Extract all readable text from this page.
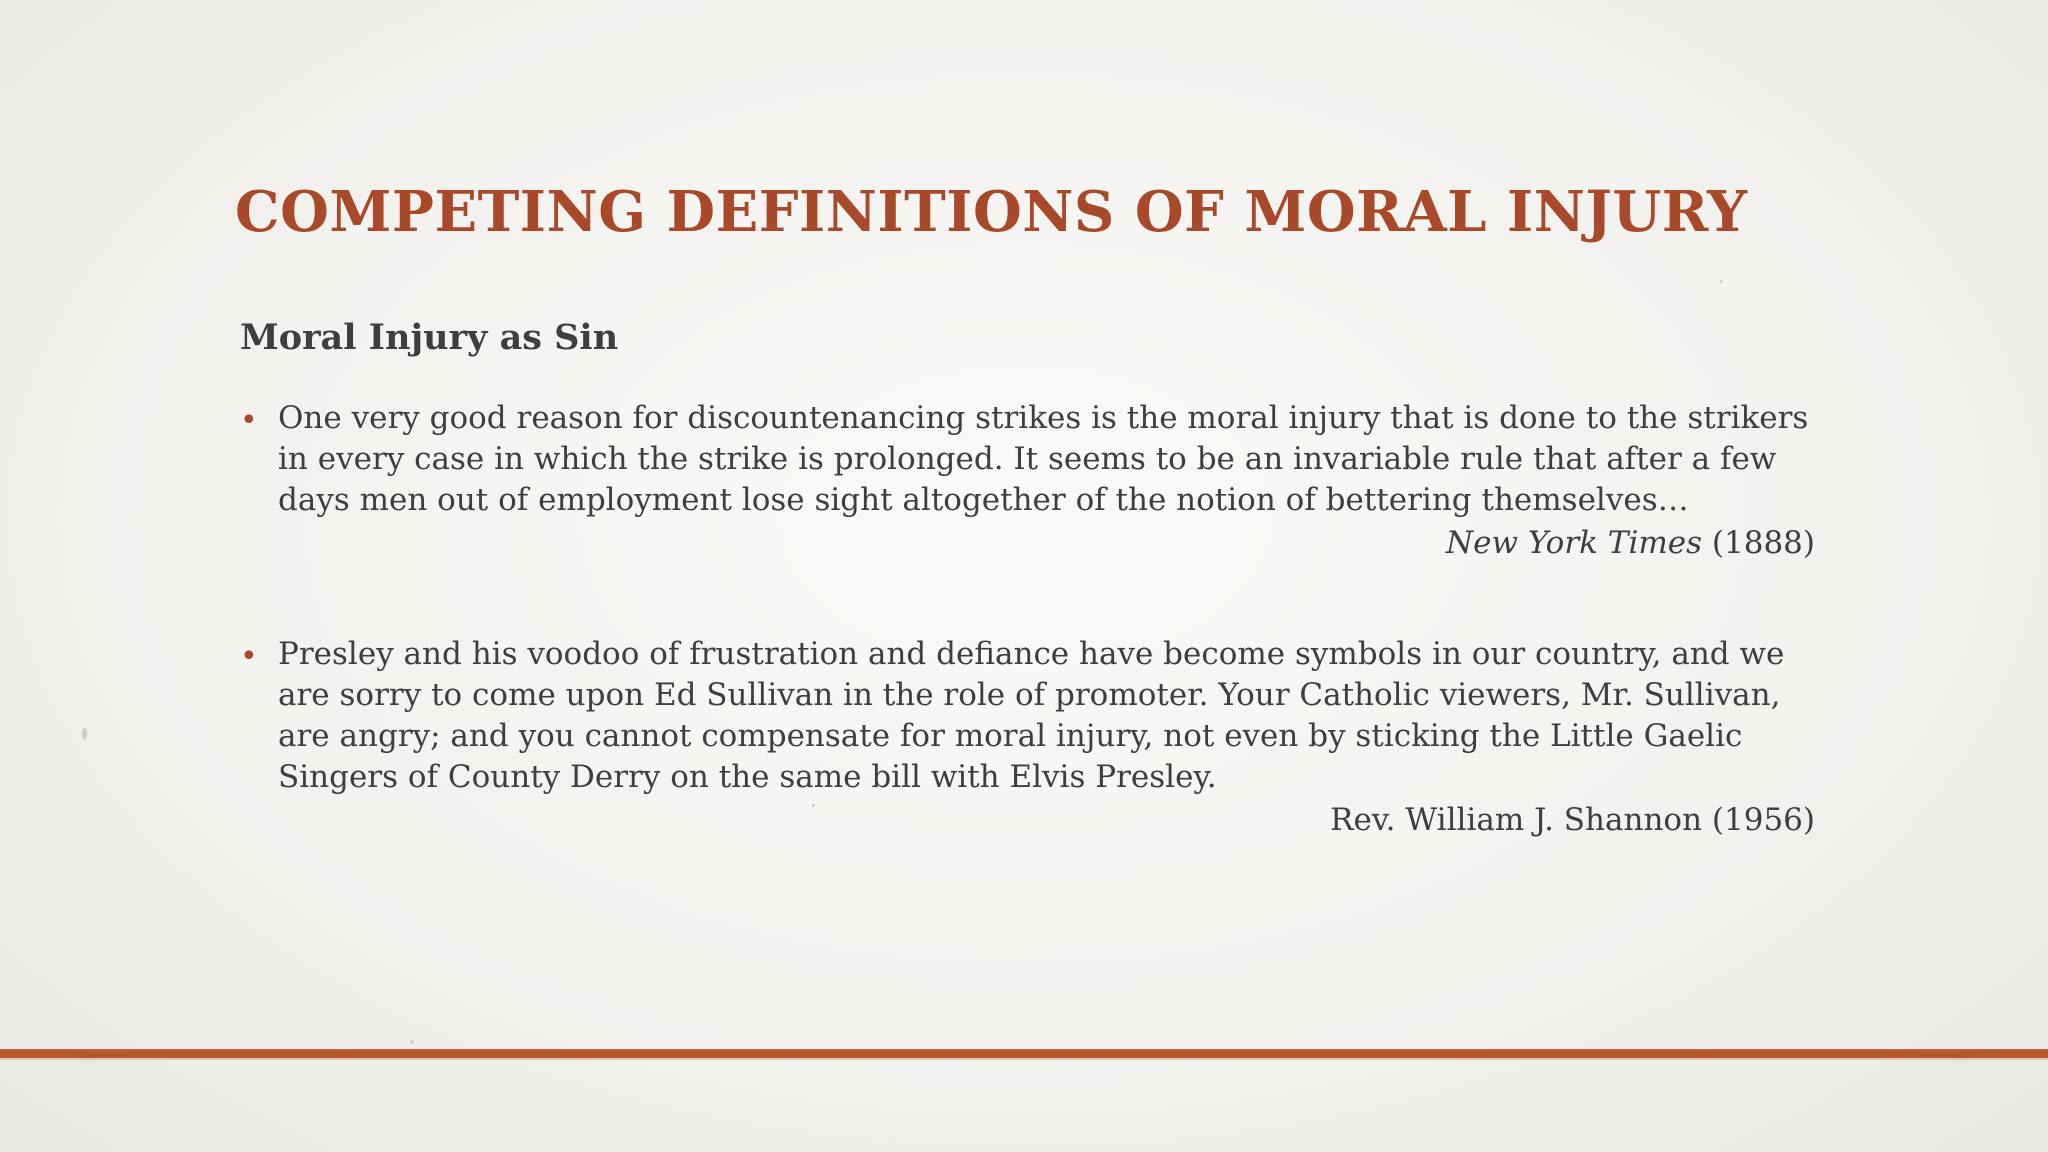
COMPETING DEFINITIONS OF MORAL INJURY
Moral Injury as Sin
• One very good reason for discountenancing strikes is the moral injury that is done to the strikers in every case in which the strike is prolonged. It seems to be an invariable rule that after a few days men out of employment lose sight altogether of the notion of bettering themselves…

New York Times (1888)
• Presley and his voodoo of frustration and defiance have become symbols in our country, and we are sorry to come upon Ed Sullivan in the role of promoter. Your Catholic viewers, Mr. Sullivan, are angry; and you cannot compensate for moral injury, not even by sticking the Little Gaelic Singers of County Derry on the same bill with Elvis Presley.

Rev. William J. Shannon (1956)
